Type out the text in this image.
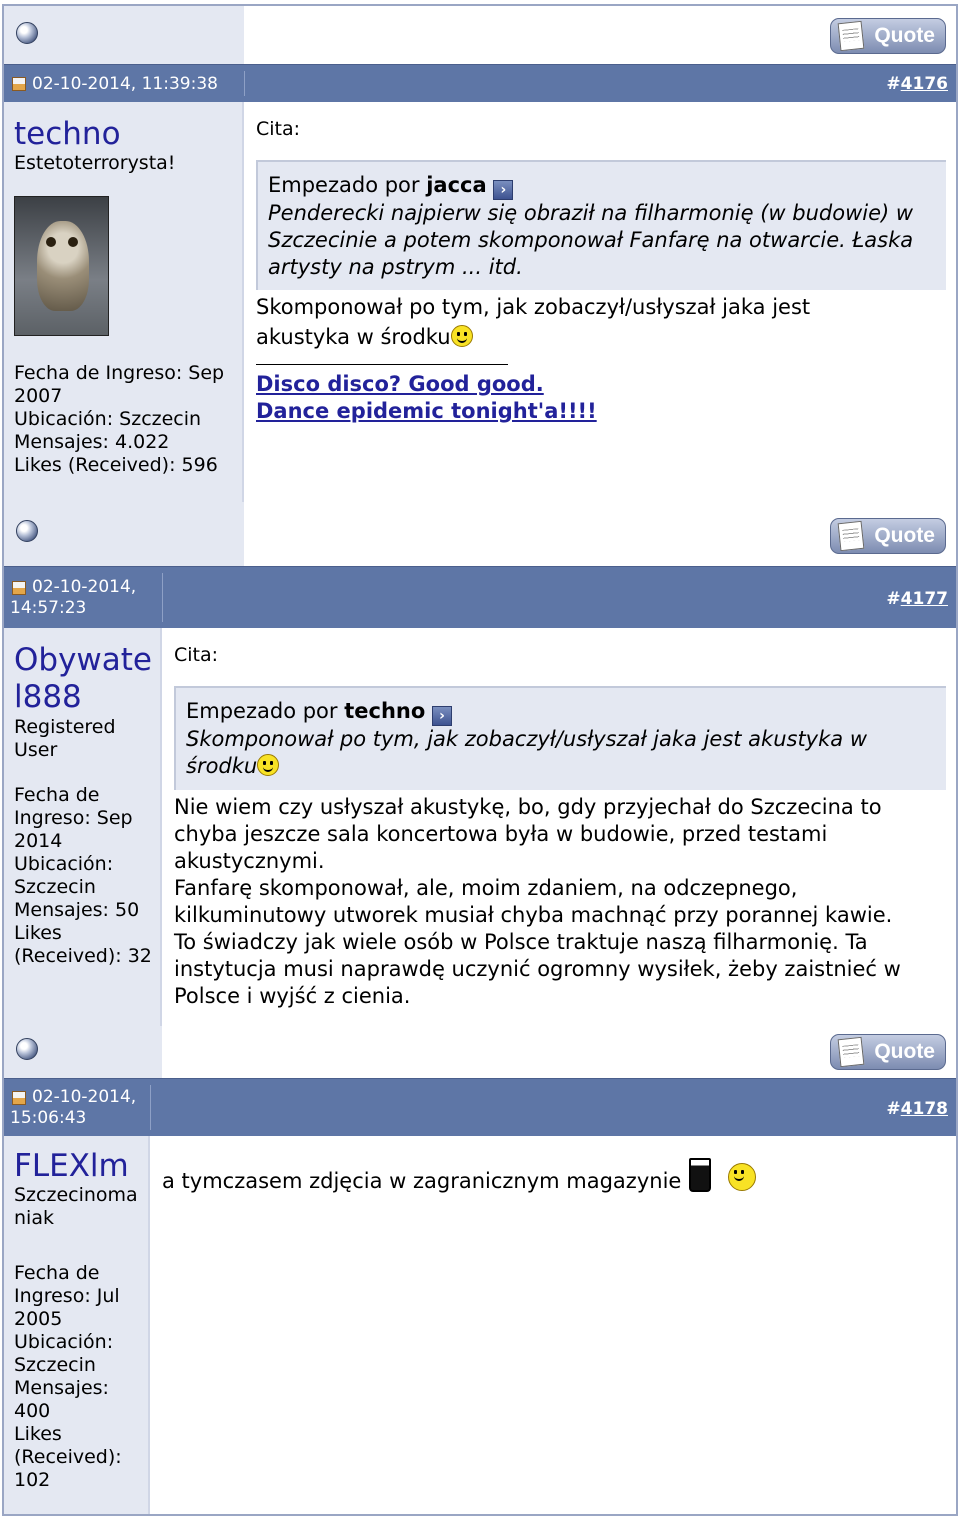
Quote
02-10-2014, 11:39:38	#4176
techno
Estetoterrorysta!
Fecha de Ingreso: Sep 2007
Ubicación: Szczecin
Mensajes: 4.022
Likes (Received): 596
Cita:
Empezado por jacca ›
Penderecki najpierw się obraził na filharmonię (w budowie) w Szczecinie a potem skomponował Fanfarę na otwarcie. Łaska artysty na pstrym ... itd.
Skomponował po tym, jak zobaczył/usłyszał jaka jest akustyka w środku
Disco disco? Good good.
Dance epidemic tonight'a!!!!
Quote
02-10-2014, 14:57:23	#4177
Obywatel888
Registered User
Fecha de Ingreso: Sep 2014
Ubicación: Szczecin
Mensajes: 50
Likes (Received): 32
Cita:
Empezado por techno ›
Skomponował po tym, jak zobaczył/usłyszał jaka jest akustyka w środku
Nie wiem czy usłyszał akustykę, bo, gdy przyjechał do Szczecina to chyba jeszcze sala koncertowa była w budowie, przed testami akustycznymi.
Fanfarę skomponował, ale, moim zdaniem, na odczepnego, kilkuminutowy utworek musiał chyba machnąć przy porannej kawie.
To świadczy jak wiele osób w Polsce traktuje naszą filharmonię. Ta instytucja musi naprawdę uczynić ogromny wysiłek, żeby zaistnieć w Polsce i wyjść z cienia.
Quote
02-10-2014, 15:06:43	#4178
FLEXlm
Szczecinomaniak
Fecha de Ingreso: Jul 2005
Ubicación: Szczecin
Mensajes: 400
Likes (Received): 102
a tymczasem zdjęcia w zagranicznym magazynie
